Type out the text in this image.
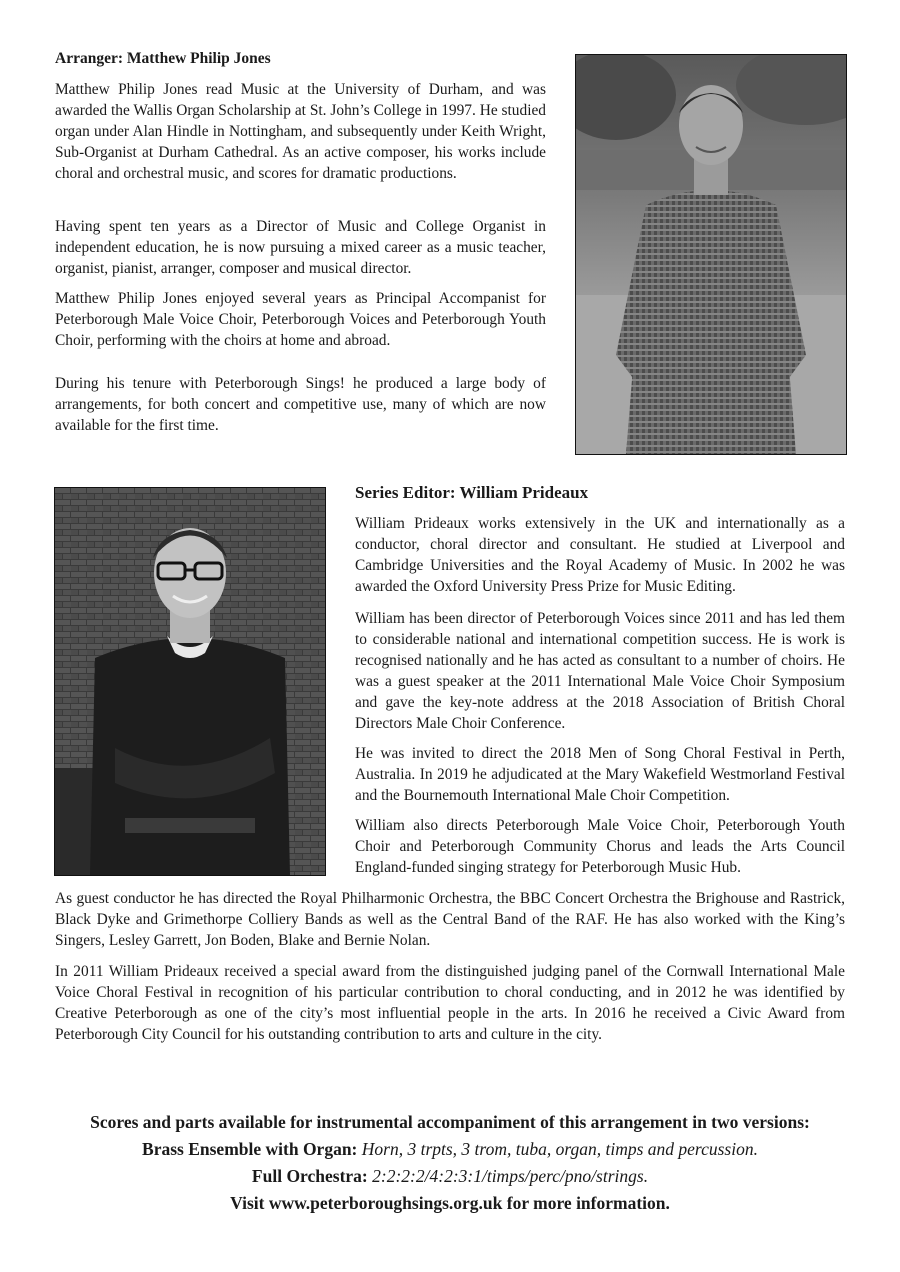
Arranger: Matthew Philip Jones

Matthew Philip Jones read Music at the University of Durham, and was awarded the Wallis Organ Scholarship at St. John’s College in 1997. He studied organ under Alan Hindle in Nottingham, and subsequently under Keith Wright, Sub-Organist at Durham Cathedral. As an active composer, his works include choral and orchestral music, and scores for dramatic productions.

Having spent ten years as a Director of Music and College Organist in independent education, he is now pursuing a mixed career as a music teacher, organist, pianist, arranger, composer and musical director.

Matthew Philip Jones enjoyed several years as Principal Accompanist for Peterborough Male Voice Choir, Peterborough Voices and Peterborough Youth Choir, performing with the choirs at home and abroad.

During his tenure with Peterborough Sings! he produced a large body of arrangements, for both concert and competitive use, many of which are now available for the first time.

Series Editor: William Prideaux

William Prideaux works extensively in the UK and internationally as a conductor, choral director and consultant. He studied at Liverpool and Cambridge Universities and the Royal Academy of Music. In 2002 he was awarded the Oxford University Press Prize for Music Editing.

William has been director of Peterborough Voices since 2011 and has led them to considerable national and international competition success. He is work is recognised nationally and he has acted as consultant to a number of choirs. He was a guest speaker at the 2011 International Male Voice Choir Symposium and gave the key-note address at the 2018 Association of British Choral Directors Male Choir Conference.

He was invited to direct the 2018 Men of Song Choral Festival in Perth, Australia. In 2019 he adjudicated at the Mary Wakefield Westmorland Festival and the Bournemouth International Male Choir Competition.

William also directs Peterborough Male Voice Choir, Peterborough Youth Choir and Peterborough Community Chorus and leads the Arts Council England-funded singing strategy for Peterborough Music Hub.

As guest conductor he has directed the Royal Philharmonic Orchestra, the BBC Concert Orchestra the Brighouse and Rastrick, Black Dyke and Grimethorpe Colliery Bands as well as the Central Band of the RAF. He has also worked with the King’s Singers, Lesley Garrett, Jon Boden, Blake and Bernie Nolan.

In 2011 William Prideaux received a special award from the distinguished judging panel of the Cornwall International Male Voice Choral Festival in recognition of his particular contribution to choral conducting, and in 2012 he was identified by Creative Peterborough as one of the city’s most influential people in the arts. In 2016 he received a Civic Award from Peterborough City Council for his outstanding contribution to arts and culture in the city.

Scores and parts available for instrumental accompaniment of this arrangement in two versions:
Brass Ensemble with Organ: Horn, 3 trpts, 3 trom, tuba, organ, timps and percussion.
Full Orchestra: 2:2:2:2/4:2:3:1/timps/perc/pno/strings.
Visit www.peterboroughsings.org.uk for more information.
